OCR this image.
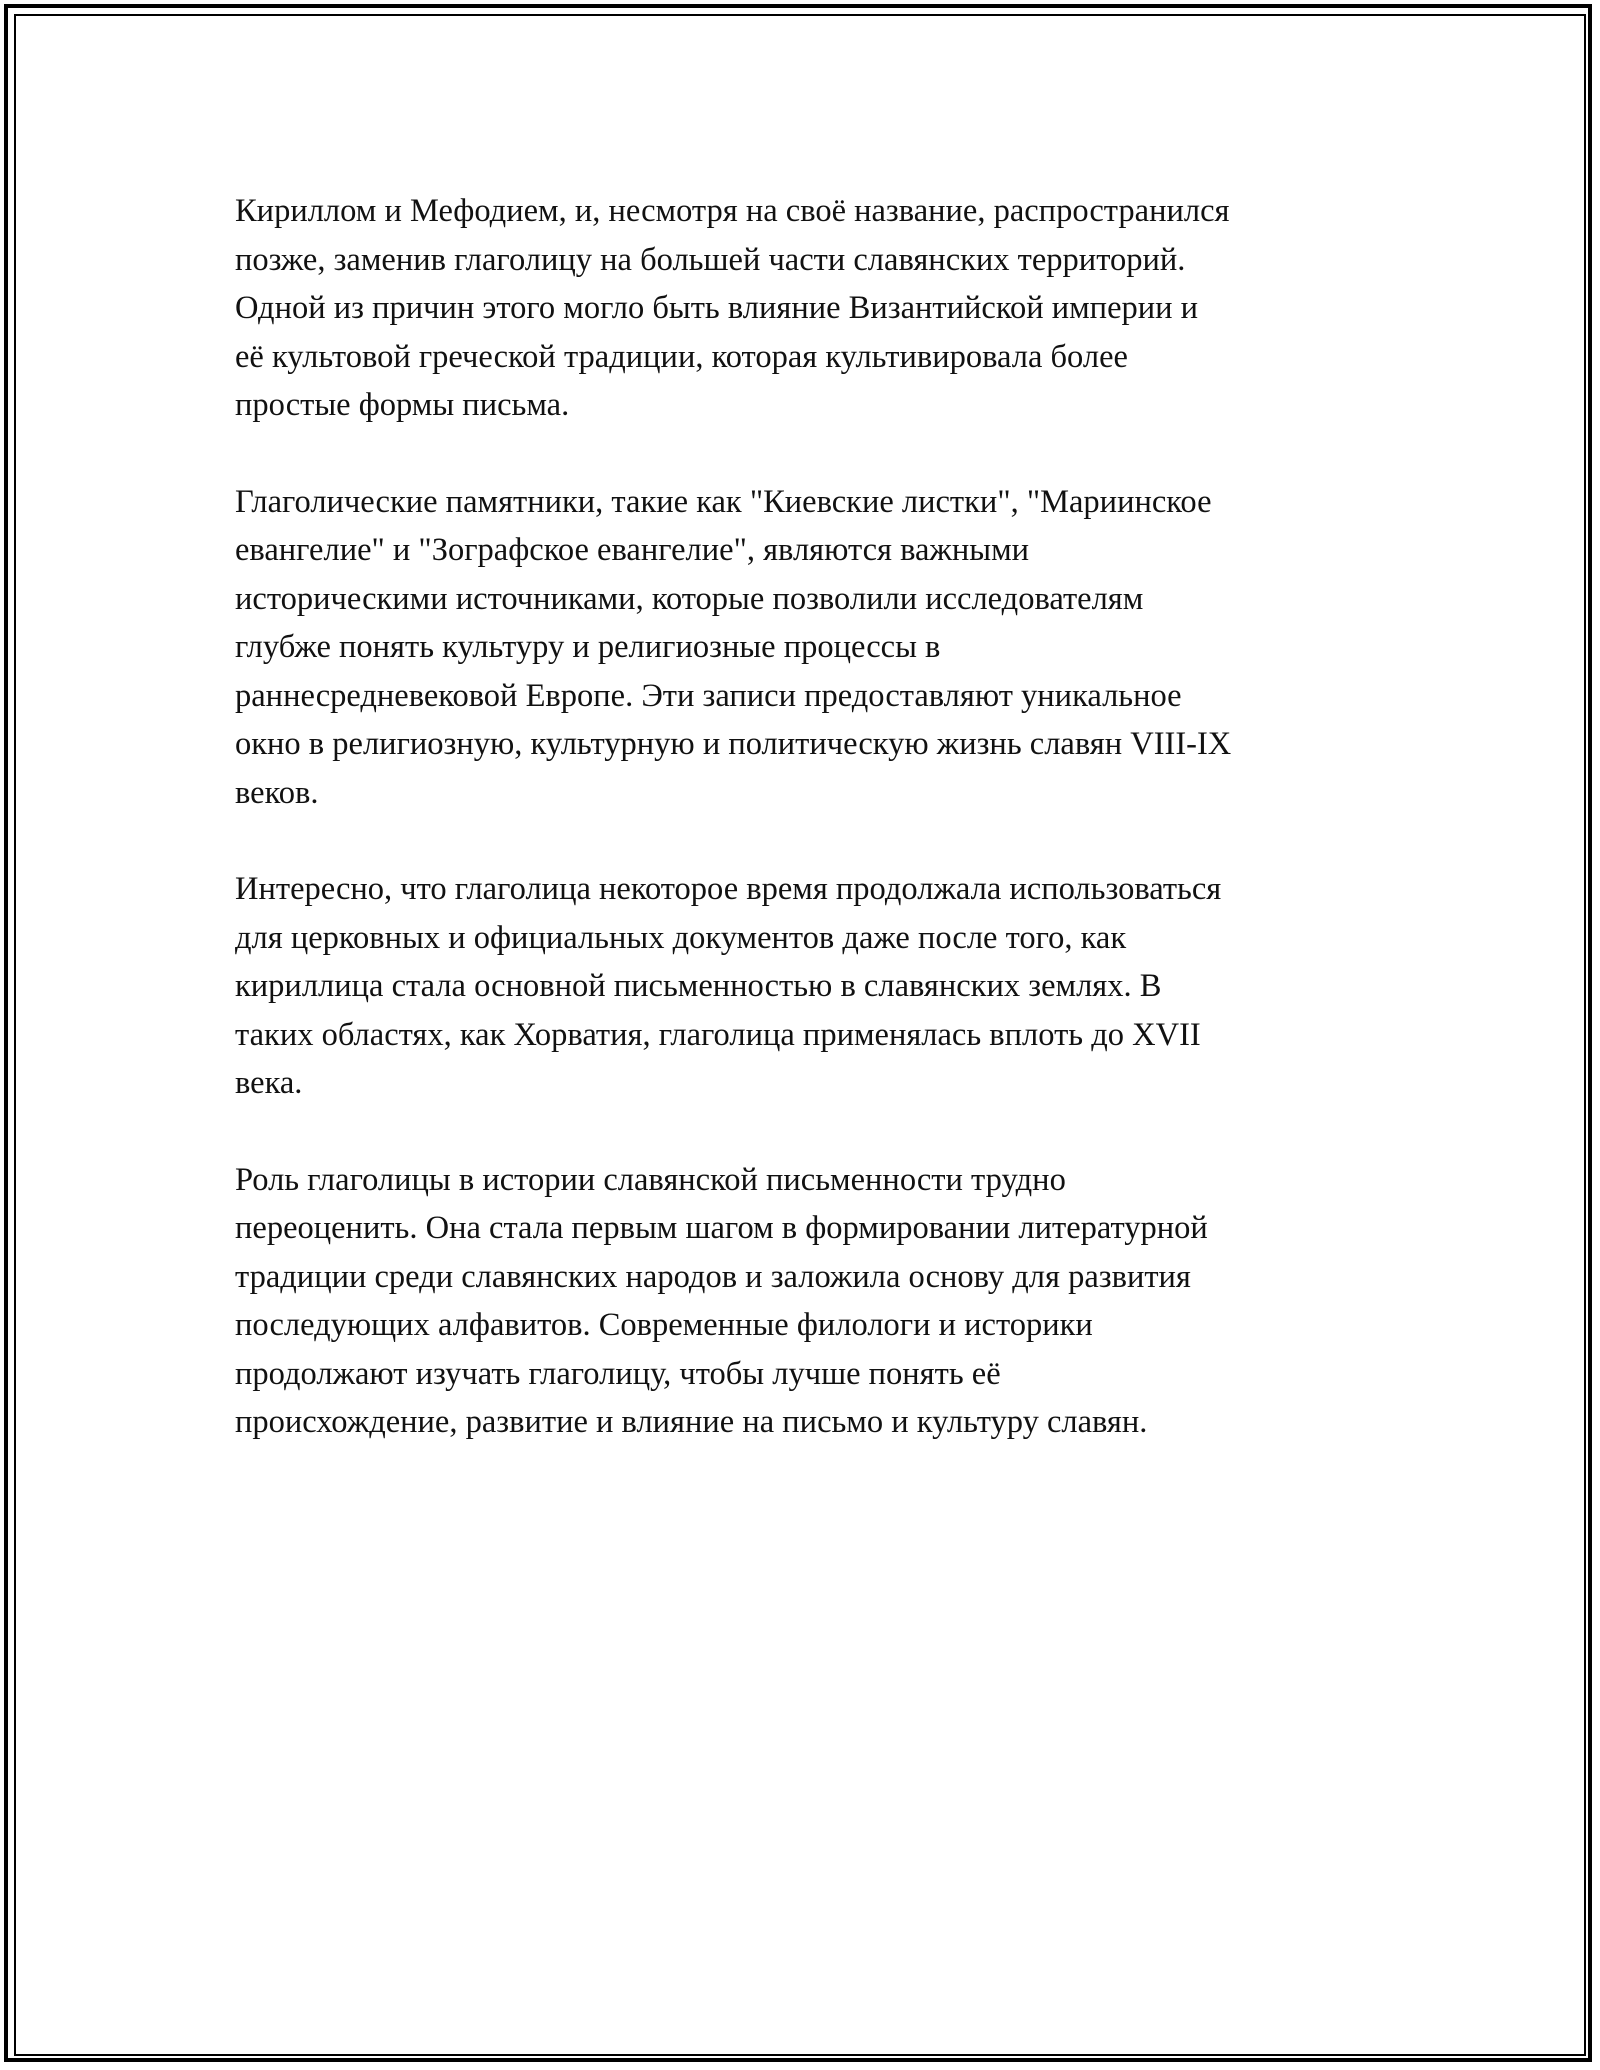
Кириллом и Мефодием, и, несмотря на своё название, распространился
позже, заменив глаголицу на большей части славянских территорий.
Одной из причин этого могло быть влияние Византийской империи и
eё культовой греческой традиции, которая культивировала более
простые формы письма.

Глаголические памятники, такие как "Киевские листки", "Мариинское
евангелие" и "Зографское евангелие", являются важными
историческими источниками, которые позволили исследователям
глубже понять культуру и религиозные процессы в
раннесредневековой Европе. Эти записи предоставляют уникальное
окно в религиозную, культурную и политическую жизнь славян VIII-IX
веков.

Интересно, что глаголица некоторое время продолжала использоваться
для церковных и официальных документов даже после того, как
кириллица стала основной письменностью в славянских землях. В
таких областях, как Хорватия, глаголица применялась вплоть до XVII
века.

Роль глаголицы в истории славянской письменности трудно
переоценить. Она стала первым шагом в формировании литературной
традиции среди славянских народов и заложила основу для развития
последующих алфавитов. Современные филологи и историки
продолжают изучать глаголицу, чтобы лучше понять её
происхождение, развитие и влияние на письмо и культуру славян.
